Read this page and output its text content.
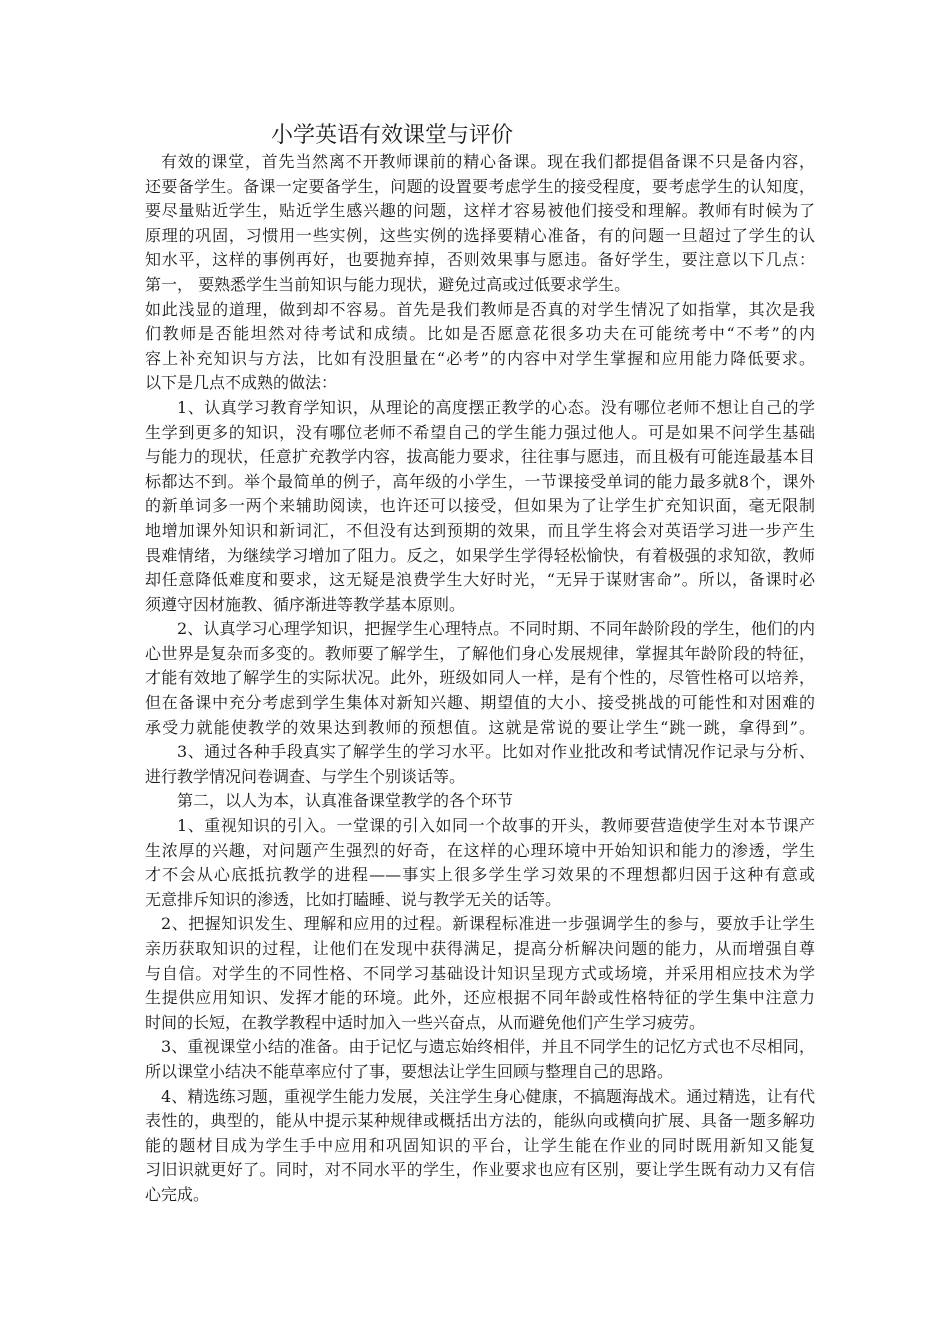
小学英语有效课堂与评价
有效的课堂，首先当然离不开教师课前的精心备课。现在我们都提倡备课不只是备内容，
还要备学生。备课一定要备学生，问题的设置要考虑学生的接受程度，要考虑学生的认知度，
要尽量贴近学生，贴近学生感兴趣的问题，这样才容易被他们接受和理解。教师有时候为了
原理的巩固，习惯用一些实例，这些实例的选择要精心准备，有的问题一旦超过了学生的认
知水平，这样的事例再好，也要抛弃掉，否则效果事与愿违。备好学生，要注意以下几点：
第一， 要熟悉学生当前知识与能力现状，避免过高或过低要求学生。
如此浅显的道理，做到却不容易。首先是我们教师是否真的对学生情况了如指掌，其次是我
们教师是否能坦然对待考试和成绩。比如是否愿意花很多功夫在可能统考中“不考”的内
容上补充知识与方法，比如有没胆量在“必考”的内容中对学生掌握和应用能力降低要求。
以下是几点不成熟的做法：
1、认真学习教育学知识，从理论的高度摆正教学的心态。没有哪位老师不想让自己的学
生学到更多的知识，没有哪位老师不希望自己的学生能力强过他人。可是如果不问学生基础
与能力的现状，任意扩充教学内容，拔高能力要求，往往事与愿违，而且极有可能连最基本目
标都达不到。举个最简单的例子，高年级的小学生，一节课接受单词的能力最多就8个，课外
的新单词多一两个来辅助阅读，也许还可以接受，但如果为了让学生扩充知识面，毫无限制
地增加课外知识和新词汇，不但没有达到预期的效果，而且学生将会对英语学习进一步产生
畏难情绪，为继续学习增加了阻力。反之，如果学生学得轻松愉快，有着极强的求知欲，教师
却任意降低难度和要求，这无疑是浪费学生大好时光，“无异于谋财害命”。所以，备课时必
须遵守因材施教、循序渐进等教学基本原则。
2、认真学习心理学知识，把握学生心理特点。不同时期、不同年龄阶段的学生，他们的内
心世界是复杂而多变的。教师要了解学生，了解他们身心发展规律，掌握其年龄阶段的特征，
才能有效地了解学生的实际状况。此外，班级如同人一样，是有个性的，尽管性格可以培养，
但在备课中充分考虑到学生集体对新知兴趣、期望值的大小、接受挑战的可能性和对困难的
承受力就能使教学的效果达到教师的预想值。这就是常说的要让学生“跳一跳，拿得到”。
3、通过各种手段真实了解学生的学习水平。比如对作业批改和考试情况作记录与分析、
进行教学情况问卷调查、与学生个别谈话等。
第二，以人为本，认真准备课堂教学的各个环节
1、重视知识的引入。一堂课的引入如同一个故事的开头，教师要营造使学生对本节课产
生浓厚的兴趣，对问题产生强烈的好奇，在这样的心理环境中开始知识和能力的渗透，学生
才不会从心底抵抗教学的进程——事实上很多学生学习效果的不理想都归因于这种有意或
无意排斥知识的渗透，比如打瞌睡、说与教学无关的话等。
2、把握知识发生、理解和应用的过程。新课程标准进一步强调学生的参与，要放手让学生
亲历获取知识的过程，让他们在发现中获得满足，提高分析解决问题的能力，从而增强自尊
与自信。对学生的不同性格、不同学习基础设计知识呈现方式或场境，并采用相应技术为学
生提供应用知识、发挥才能的环境。此外，还应根据不同年龄或性格特征的学生集中注意力
时间的长短，在教学教程中适时加入一些兴奋点，从而避免他们产生学习疲劳。
3、重视课堂小结的准备。由于记忆与遗忘始终相伴，并且不同学生的记忆方式也不尽相同，
所以课堂小结决不能草率应付了事，要想法让学生回顾与整理自己的思路。
4、精选练习题，重视学生能力发展，关注学生身心健康，不搞题海战术。通过精选，让有代
表性的，典型的，能从中提示某种规律或概括出方法的，能纵向或横向扩展、具备一题多解功
能的题材目成为学生手中应用和巩固知识的平台，让学生能在作业的同时既用新知又能复
习旧识就更好了。同时，对不同水平的学生，作业要求也应有区别，要让学生既有动力又有信
心完成。
